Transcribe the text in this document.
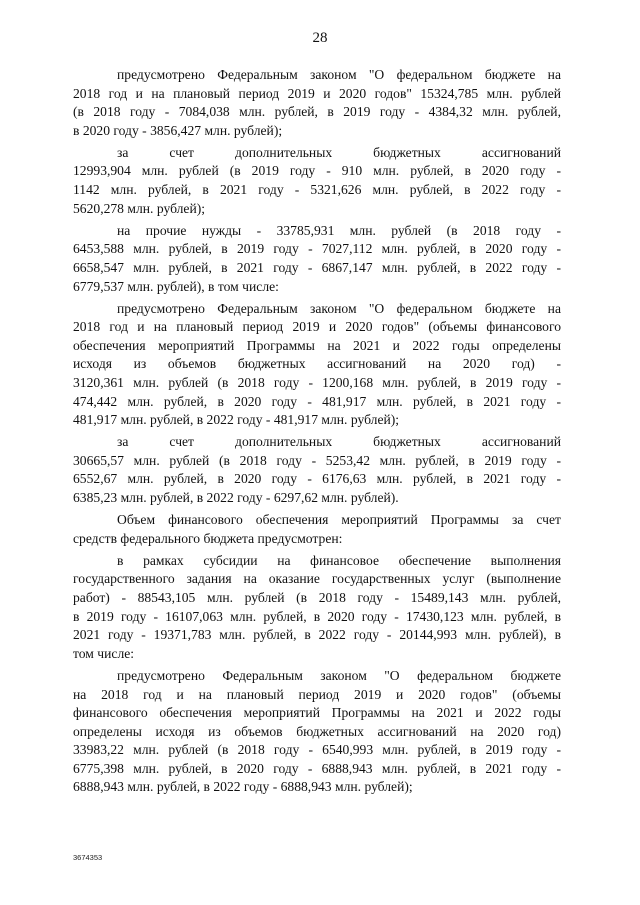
28
предусмотрено Федеральным законом "О федеральном бюджете на
2018 год и на плановый период 2019 и 2020 годов" 15324,785 млн. рублей
(в 2018 году - 7084,038 млн. рублей, в 2019 году - 4384,32 млн. рублей,
в 2020 году - 3856,427 млн. рублей);
за счет дополнительных бюджетных ассигнований
12993,904 млн. рублей (в 2019 году - 910 млн. рублей, в 2020 году -
1142 млн. рублей, в 2021 году - 5321,626 млн. рублей, в 2022 году -
5620,278 млн. рублей);
на прочие нужды - 33785,931 млн. рублей (в 2018 году -
6453,588 млн. рублей, в 2019 году - 7027,112 млн. рублей, в 2020 году -
6658,547 млн. рублей, в 2021 году - 6867,147 млн. рублей, в 2022 году -
6779,537 млн. рублей), в том числе:
предусмотрено Федеральным законом "О федеральном бюджете на
2018 год и на плановый период 2019 и 2020 годов" (объемы финансового
обеспечения мероприятий Программы на 2021 и 2022 годы определены
исходя из объемов бюджетных ассигнований на 2020 год) -
3120,361 млн. рублей (в 2018 году - 1200,168 млн. рублей, в 2019 году -
474,442 млн. рублей, в 2020 году - 481,917 млн. рублей, в 2021 году -
481,917 млн. рублей, в 2022 году - 481,917 млн. рублей);
за счет дополнительных бюджетных ассигнований
30665,57 млн. рублей (в 2018 году - 5253,42 млн. рублей, в 2019 году -
6552,67 млн. рублей, в 2020 году - 6176,63 млн. рублей, в 2021 году -
6385,23 млн. рублей, в 2022 году - 6297,62 млн. рублей).
Объем финансового обеспечения мероприятий Программы за счет
средств федерального бюджета предусмотрен:
в рамках субсидии на финансовое обеспечение выполнения
государственного задания на оказание государственных услуг (выполнение
работ) - 88543,105 млн. рублей (в 2018 году - 15489,143 млн. рублей,
в 2019 году - 16107,063 млн. рублей, в 2020 году - 17430,123 млн. рублей, в
2021 году - 19371,783 млн. рублей, в 2022 году - 20144,993 млн. рублей), в
том числе:
предусмотрено Федеральным законом "О федеральном бюджете
на 2018 год и на плановый период 2019 и 2020 годов" (объемы
финансового обеспечения мероприятий Программы на 2021 и 2022 годы
определены исходя из объемов бюджетных ассигнований на 2020 год)
33983,22 млн. рублей (в 2018 году - 6540,993 млн. рублей, в 2019 году -
6775,398 млн. рублей, в 2020 году - 6888,943 млн. рублей, в 2021 году -
6888,943 млн. рублей, в 2022 году - 6888,943 млн. рублей);
3674353
